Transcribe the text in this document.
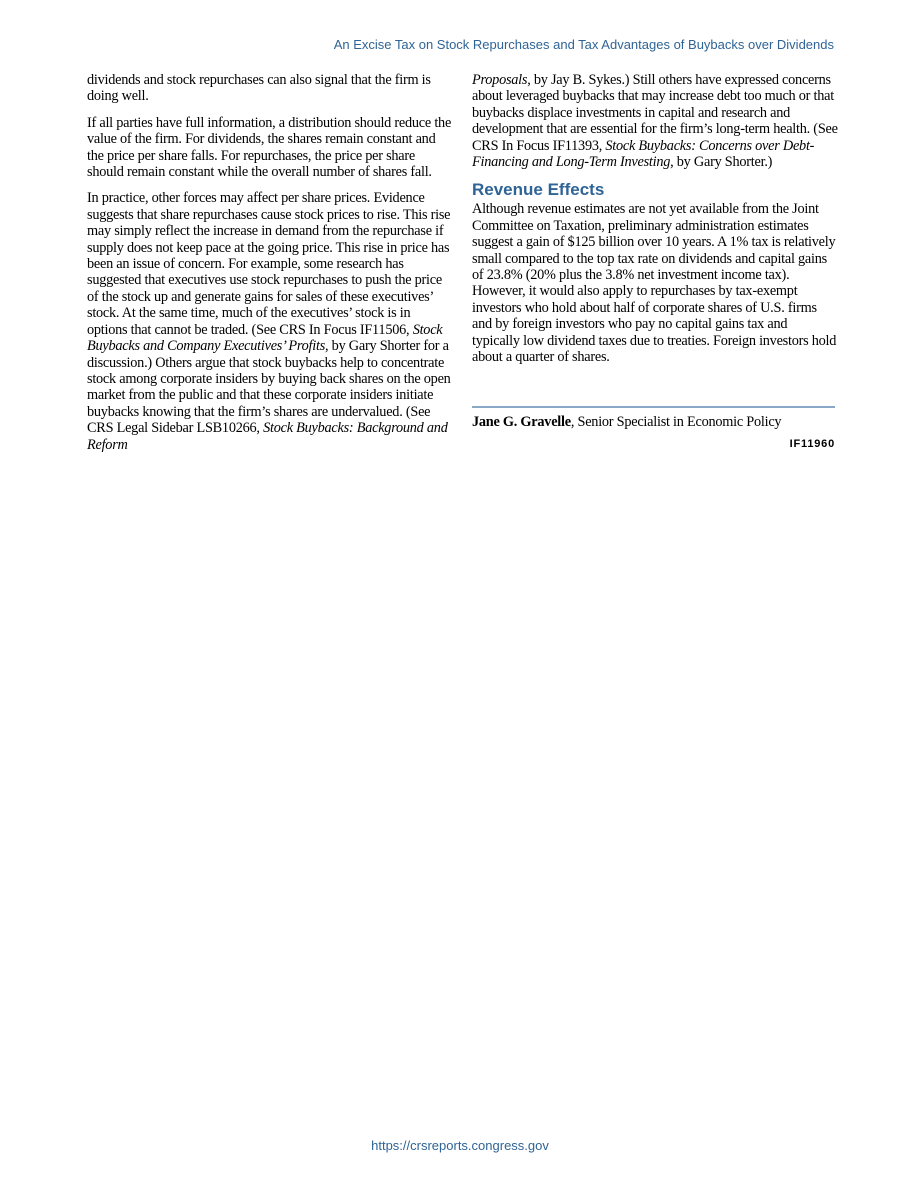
An Excise Tax on Stock Repurchases and Tax Advantages of Buybacks over Dividends

dividends and stock repurchases can also signal that the firm is doing well.

If all parties have full information, a distribution should reduce the value of the firm. For dividends, the shares remain constant and the price per share falls. For repurchases, the price per share should remain constant while the overall number of shares fall.

In practice, other forces may affect per share prices. Evidence suggests that share repurchases cause stock prices to rise. This rise may simply reflect the increase in demand from the repurchase if supply does not keep pace at the going price. This rise in price has been an issue of concern. For example, some research has suggested that executives use stock repurchases to push the price of the stock up and generate gains for sales of these executives’ stock. At the same time, much of the executives’ stock is in options that cannot be traded. (See CRS In Focus IF11506, Stock Buybacks and Company Executives’ Profits, by Gary Shorter for a discussion.) Others argue that stock buybacks help to concentrate stock among corporate insiders by buying back shares on the open market from the public and that these corporate insiders initiate buybacks knowing that the firm’s shares are undervalued. (See CRS Legal Sidebar LSB10266, Stock Buybacks: Background and Reform

Proposals, by Jay B. Sykes.) Still others have expressed concerns about leveraged buybacks that may increase debt too much or that buybacks displace investments in capital and research and development that are essential for the firm’s long-term health. (See CRS In Focus IF11393, Stock Buybacks: Concerns over Debt-Financing and Long-Term Investing, by Gary Shorter.)

Revenue Effects

Although revenue estimates are not yet available from the Joint Committee on Taxation, preliminary administration estimates suggest a gain of $125 billion over 10 years. A 1% tax is relatively small compared to the top tax rate on dividends and capital gains of 23.8% (20% plus the 3.8% net investment income tax). However, it would also apply to repurchases by tax-exempt investors who hold about half of corporate shares of U.S. firms and by foreign investors who pay no capital gains tax and typically low dividend taxes due to treaties. Foreign investors hold about a quarter of shares.

Jane G. Gravelle, Senior Specialist in Economic Policy
IF11960
https://crsreports.congress.gov
